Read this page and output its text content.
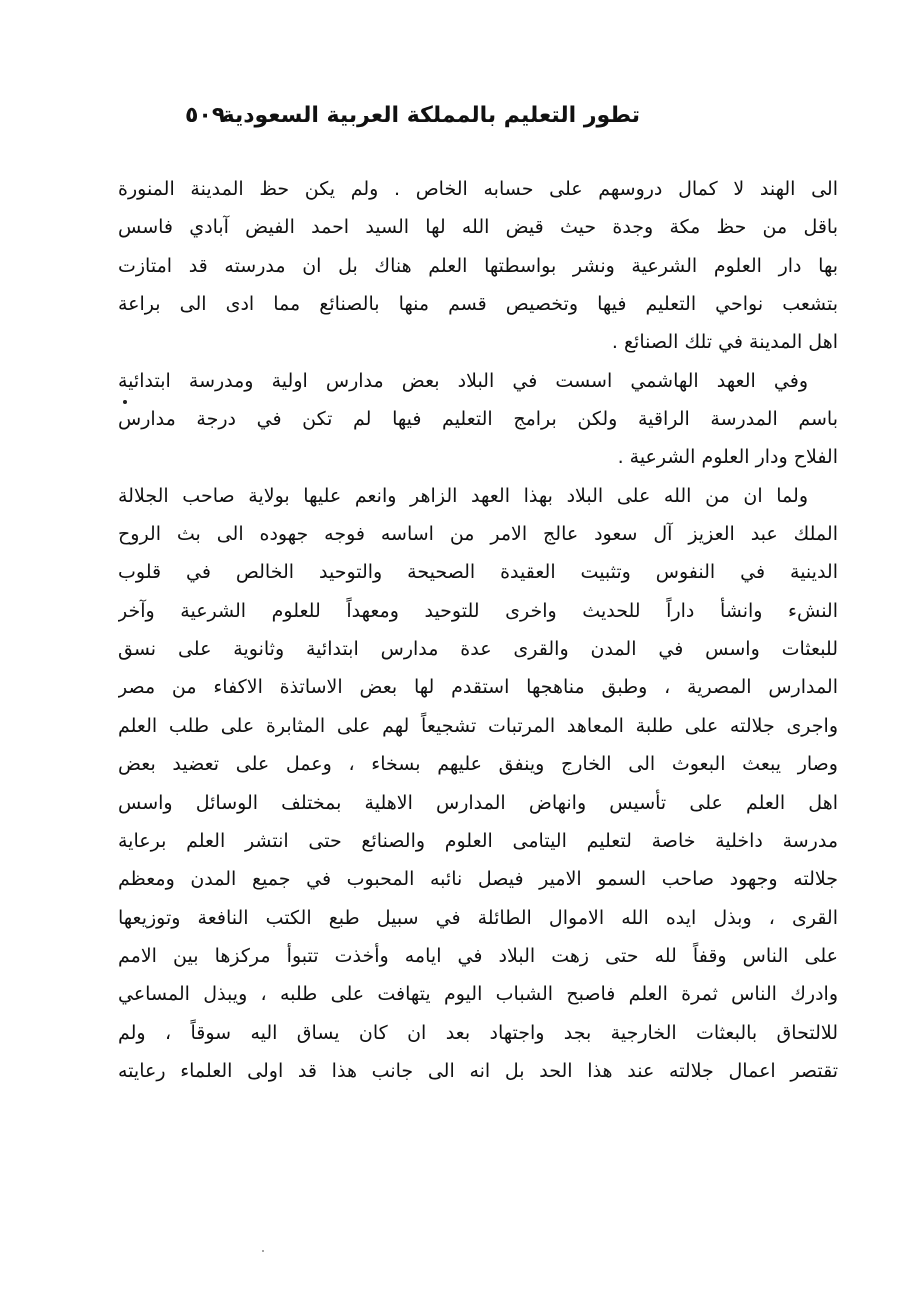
٥٠٩
تطور التعليم بالمملكة العربية السعودية
الى الهند لا كمال دروسهم على حسابه الخاص . ولم يكن حظ المدينة المنورة
باقل من حظ مكة وجدة حيث قيض الله لها السيد احمد الفيض آبادي فاسس
بها دار العلوم الشرعية ونشر بواسطتها العلم هناك بل ان مدرسته قد امتازت
بتشعب نواحي التعليم فيها وتخصيص قسم منها بالصنائع مما ادى الى براعة
اهل المدينة في تلك الصنائع .
وفي العهد الهاشمي اسست في البلاد بعض مدارس اولية ومدرسة ابتدائية
باسم المدرسة الراقية ولكن برامج التعليم فيها لم تكن في درجة مدارس
الفلاح ودار العلوم الشرعية .
ولما ان من الله على البلاد بهذا العهد الزاهر وانعم عليها بولاية صاحب الجلالة
الملك عبد العزيز آل سعود عالج الامر من اساسه فوجه جهوده الى بث الروح
الدينية في النفوس وتثبيت العقيدة الصحيحة والتوحيد الخالص في قلوب
النشء وانشأ داراً للحديث واخرى للتوحيد ومعهداً للعلوم الشرعية وآخر
للبعثات واسس في المدن والقرى عدة مدارس ابتدائية وثانوية على نسق
المدارس المصرية ، وطبق مناهجها استقدم لها بعض الاساتذة الاكفاء من مصر
واجرى جلالته على طلبة المعاهد المرتبات تشجيعاً لهم على المثابرة على طلب العلم
وصار يبعث البعوث الى الخارج وينفق عليهم بسخاء ، وعمل على تعضيد بعض
اهل العلم على تأسيس وانهاض المدارس الاهلية بمختلف الوسائل واسس
مدرسة داخلية خاصة لتعليم اليتامى العلوم والصنائع حتى انتشر العلم برعاية
جلالته وجهود صاحب السمو الامير فيصل نائبه المحبوب في جميع المدن ومعظم
القرى ، وبذل ايده الله الاموال الطائلة في سبيل طبع الكتب النافعة وتوزيعها
على الناس وقفاً لله حتى زهت البلاد في ايامه وأخذت تتبوأ مركزها بين الامم
وادرك الناس ثمرة العلم فاصبح الشباب اليوم يتهافت على طلبه ، ويبذل المساعي
للالتحاق بالبعثات الخارجية بجد واجتهاد بعد ان كان يساق اليه سوقاً ، ولم
تقتصر اعمال جلالته عند هذا الحد بل انه الى جانب هذا قد اولى العلماء رعايته
